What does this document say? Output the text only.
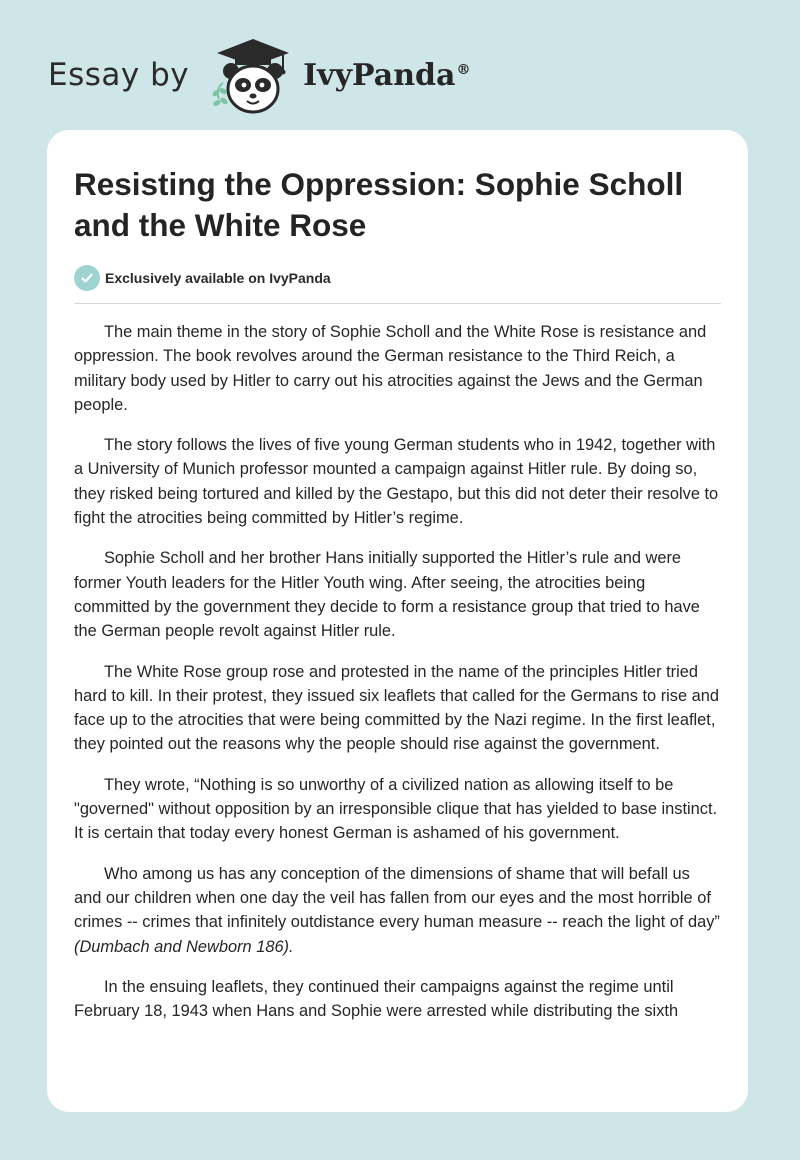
Essay by	IvyPanda®
Resisting the Oppression: Sophie Scholl and the White Rose
Exclusively available on IvyPanda

The main theme in the story of Sophie Scholl and the White Rose is resistance and oppression. The book revolves around the German resistance to the Third Reich, a military body used by Hitler to carry out his atrocities against the Jews and the German people.

The story follows the lives of five young German students who in 1942, together with a University of Munich professor mounted a campaign against Hitler rule. By doing so, they risked being tortured and killed by the Gestapo, but this did not deter their resolve to fight the atrocities being committed by Hitler’s regime.

Sophie Scholl and her brother Hans initially supported the Hitler’s rule and were former Youth leaders for the Hitler Youth wing. After seeing, the atrocities being committed by the government they decide to form a resistance group that tried to have the German people revolt against Hitler rule.

The White Rose group rose and protested in the name of the principles Hitler tried hard to kill. In their protest, they issued six leaflets that called for the Germans to rise and face up to the atrocities that were being committed by the Nazi regime. In the first leaflet, they pointed out the reasons why the people should rise against the government.

They wrote, “Nothing is so unworthy of a civilized nation as allowing itself to be "governed" without opposition by an irresponsible clique that has yielded to base instinct. It is certain that today every honest German is ashamed of his government.

Who among us has any conception of the dimensions of shame that will befall us and our children when one day the veil has fallen from our eyes and the most horrible of crimes -- crimes that infinitely outdistance every human measure -- reach the light of day” (Dumbach and Newborn 186).

In the ensuing leaflets, they continued their campaigns against the regime until February 18, 1943 when Hans and Sophie were arrested while distributing the sixth
